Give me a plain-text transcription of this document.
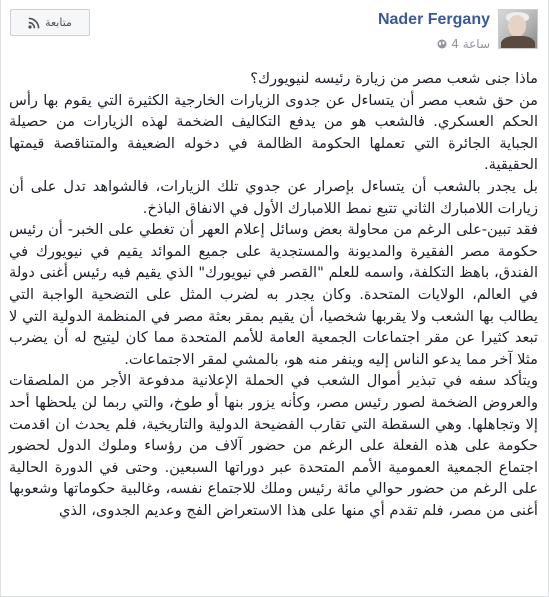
Nader Fergany
4 ساعة
متابعة

ماذا جنى شعب مصر من زيارة رئيسه لنيويورك؟

من حق شعب مصر أن يتساءل عن جدوى الزيارات الخارجية الكثيرة التي يقوم بها رأس الحكم العسكري. فالشعب هو من يدفع التكاليف الضخمة لهذه الزيارات من حصيلة الجباية الجائرة التي تعملها الحكومة الظالمة في دخوله الضعيفة والمتناقصة قيمتها الحقيقية.

بل يجدر بالشعب أن يتساءل بإصرار عن جدوي تلك الزيارات، فالشواهد تدل على أن زيارات اللامبارك الثاني تتبع نمط اللامبارك الأول في الانفاق الباذخ.

فقد تبين-على الرغم من محاولة بعض وسائل إعلام العهر أن تغطي على الخبر- أن رئيس حكومة مصر الفقيرة والمديونة والمستجدية على جميع الموائد يقيم في نيويورك في الفندق، باهظ التكلفة، واسمه للعلم "القصر في نيويورك" الذي يقيم فيه رئيس أغنى دولة في العالم، الولايات المتحدة. وكان يجدر به لضرب المثل على التضحية الواجبة التي يطالب بها الشعب ولا يقربها شخصيا، أن يقيم بمقر بعثة مصر في المنظمة الدولية التي لا تبعد كثيرا عن مقر اجتماعات الجمعية العامة للأمم المتحدة مما كان ليتيح له أن يضرب مثلا آخر مما يدعو الناس إليه وينفر منه هو، بالمشي لمقر الاجتماعات.

ويتأكد سفه في تبذير أموال الشعب في الحملة الإعلانية مدفوعة الأجر من الملصقات والعروض الضخمة لصور رئيس مصر، وكأنه يزور بنها أو طوخ، والتي ربما لن يلحظها أحد إلا وتجاهلها. وهي السقطة التي تقارب الفضيحة الدولية والتاريخية، فلم يحدث ان اقدمت حكومة على هذه الفعلة على الرغم من حضور آلاف من رؤساء وملوك الدول لحضور اجتماع الجمعية العمومية الأمم المتحدة عبر دوراتها السبعين. وحتى في الدورة الحالية على الرغم من حضور حوالي مائة رئيس وملك للاجتماع نفسه، وغالبية حكوماتها وشعوبها أغنى من مصر، فلم تقدم أي منها على هذا الاستعراض الفج وعديم الجدوى، الذي
